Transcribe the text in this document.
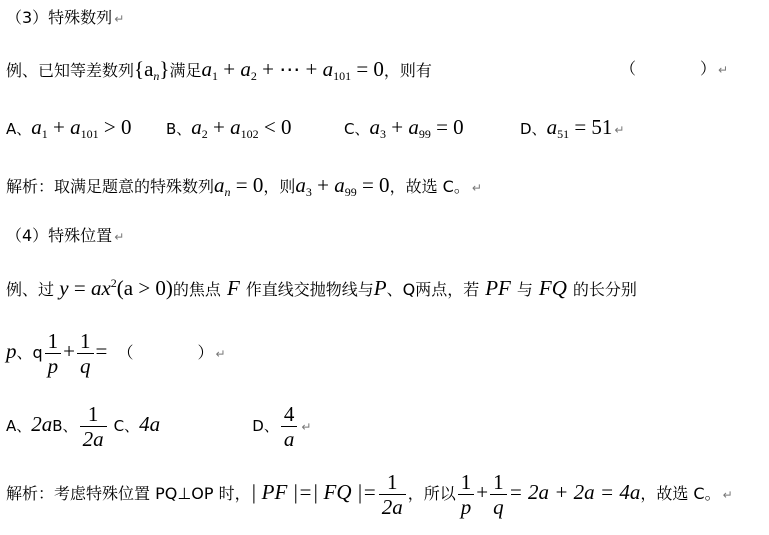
（3）特殊数列 ↵
例、已知等差数列$\{a_n\}$满足$a_1 + a_2$ + ⋯ + $a_{101} = 0$，则有	（　　　　） ↵
A、$a_1 + a_{101} > 0$ B、$a_2 + a_{102} < 0$	C、$a_3 + a_{99} = 0$	D、$a_{51} = 51$ ↵
解析：取满足题意的特殊数列$a_n = 0$，则$a_3 + a_{99} = 0$，故选 C。 ↵
（4）特殊位置 ↵
例、过 $y = ax^2(a > 0)$的焦点 F 作直线交抛物线与P、Q两点，若 PF 与 FQ 的长分别
p、q $\frac{1}{p} + \frac{1}{q}$ = （　　　　） ↵
A、2aB、 $\frac{1}{2a}$ C、4a	D、 $\frac{4}{a}$ ↵
解析：考虑特殊位置 PQ⊥OP 时，| PF |=| FQ |= $\frac{1}{2a}$ ，所以 $\frac{1}{p} + \frac{1}{q} = 2a + 2a = 4a$，故选 C。 ↵
